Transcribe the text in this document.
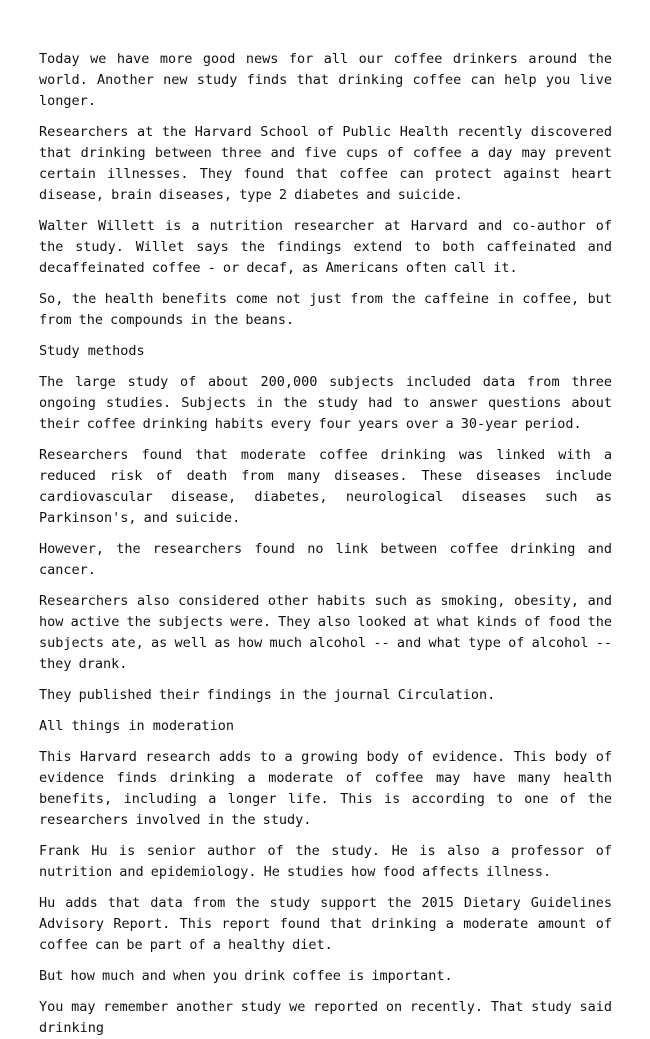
Today we have more good news for all our coffee drinkers around the world. Another new study finds that drinking coffee can help you live longer.

Researchers at the Harvard School of Public Health recently discovered that drinking between three and five cups of coffee a day may prevent certain illnesses. They found that coffee can protect against heart disease, brain diseases, type 2 diabetes and suicide.

Walter Willett is a nutrition researcher at Harvard and co-author of the study. Willet says the findings extend to both caffeinated and decaffeinated coffee - or decaf, as Americans often call it.

So, the health benefits come not just from the caffeine in coffee, but from the compounds in the beans.

Study methods

The large study of about 200,000 subjects included data from three ongoing studies. Subjects in the study had to answer questions about their coffee drinking habits every four years over a 30-year period.

Researchers found that moderate coffee drinking was linked with a reduced risk of death from many diseases. These diseases include cardiovascular disease, diabetes, neurological diseases such as Parkinson's, and suicide.

However, the researchers found no link between coffee drinking and cancer.

Researchers also considered other habits such as smoking, obesity, and how active the subjects were. They also looked at what kinds of food the subjects ate, as well as how much alcohol -- and what type of alcohol -- they drank.

They published their findings in the journal Circulation.

All things in moderation

This Harvard research adds to a growing body of evidence. This body of evidence finds drinking a moderate of coffee may have many health benefits, including a longer life. This is according to one of the researchers involved in the study.

Frank Hu is senior author of the study. He is also a professor of nutrition and epidemiology. He studies how food affects illness.

Hu adds that data from the study support the 2015 Dietary Guidelines Advisory Report. This report found that drinking a moderate amount of coffee can be part of a healthy diet.

But how much and when you drink coffee is important.

You may remember another study we reported on recently. That study said drinking
